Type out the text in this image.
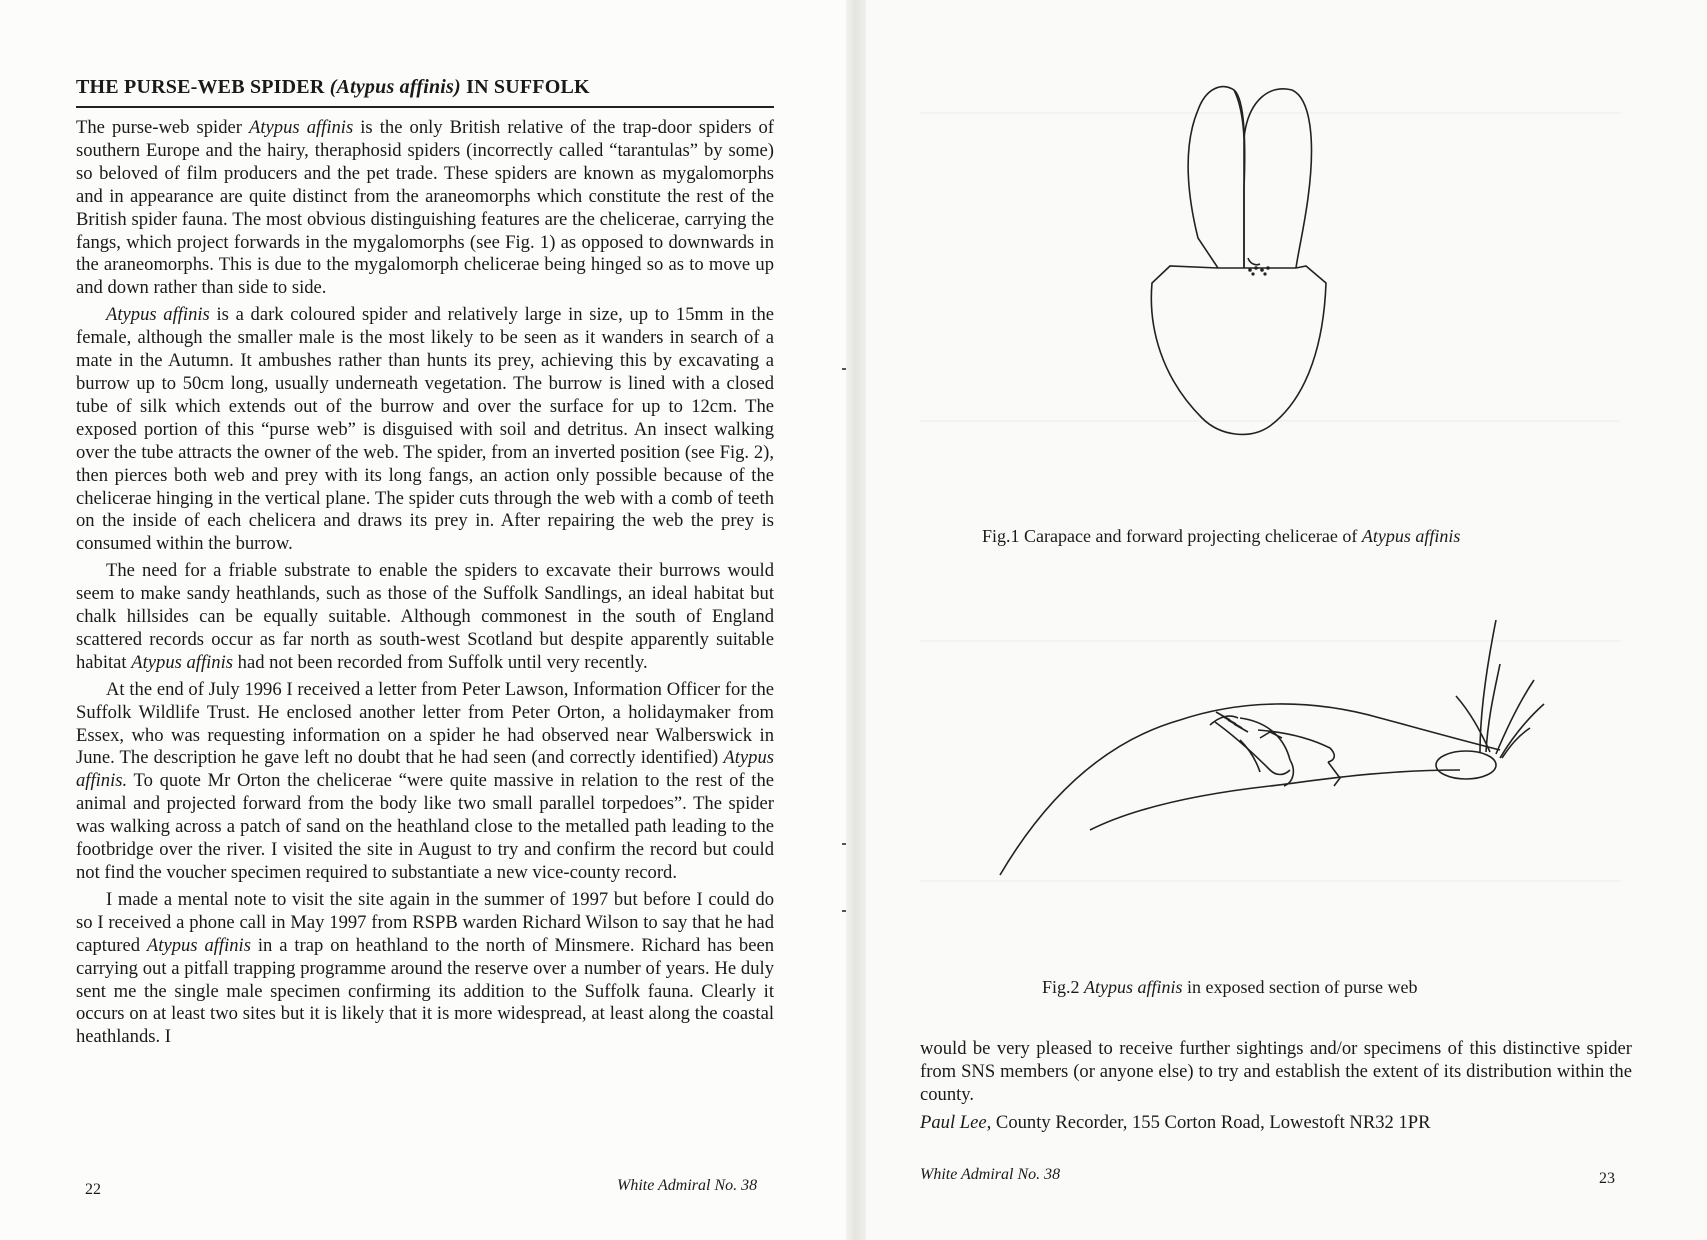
THE PURSE-WEB SPIDER (Atypus affinis) IN SUFFOLK

The purse-web spider Atypus affinis is the only British relative of the trap-door spiders of southern Europe and the hairy, theraphosid spiders (incorrectly called “tarantulas” by some) so beloved of film producers and the pet trade. These spiders are known as mygalomorphs and in appearance are quite distinct from the araneomorphs which constitute the rest of the British spider fauna. The most obvious distinguishing features are the chelicerae, carrying the fangs, which project forwards in the mygalomorphs (see Fig. 1) as opposed to downwards in the araneomorphs. This is due to the mygalomorph chelicerae being hinged so as to move up and down rather than side to side.

Atypus affinis is a dark coloured spider and relatively large in size, up to 15mm in the female, although the smaller male is the most likely to be seen as it wanders in search of a mate in the Autumn. It ambushes rather than hunts its prey, achieving this by excavating a burrow up to 50cm long, usually underneath vegetation. The burrow is lined with a closed tube of silk which extends out of the burrow and over the surface for up to 12cm. The exposed portion of this “purse web” is disguised with soil and detritus. An insect walking over the tube attracts the owner of the web. The spider, from an inverted position (see Fig. 2), then pierces both web and prey with its long fangs, an action only possible because of the chelicerae hinging in the vertical plane. The spider cuts through the web with a comb of teeth on the inside of each chelicera and draws its prey in. After repairing the web the prey is consumed within the burrow.

The need for a friable substrate to enable the spiders to excavate their burrows would seem to make sandy heathlands, such as those of the Suffolk Sandlings, an ideal habitat but chalk hillsides can be equally suitable. Although commonest in the south of England scattered records occur as far north as south-west Scotland but despite apparently suitable habitat Atypus affinis had not been recorded from Suffolk until very recently.

At the end of July 1996 I received a letter from Peter Lawson, Information Officer for the Suffolk Wildlife Trust. He enclosed another letter from Peter Orton, a holidaymaker from Essex, who was requesting information on a spider he had observed near Walberswick in June. The description he gave left no doubt that he had seen (and correctly identified) Atypus affinis. To quote Mr Orton the chelicerae “were quite massive in relation to the rest of the animal and projected forward from the body like two small parallel torpedoes”. The spider was walking across a patch of sand on the heathland close to the metalled path leading to the footbridge over the river. I visited the site in August to try and confirm the record but could not find the voucher specimen required to substantiate a new vice-county record.

I made a mental note to visit the site again in the summer of 1997 but before I could do so I received a phone call in May 1997 from RSPB warden Richard Wilson to say that he had captured Atypus affinis in a trap on heathland to the north of Minsmere. Richard has been carrying out a pitfall trapping programme around the reserve over a number of years. He duly sent me the single male specimen confirming its addition to the Suffolk fauna. Clearly it occurs on at least two sites but it is likely that it is more widespread, at least along the coastal heathlands. I

22	White Admiral No. 38
Fig.1 Carapace and forward projecting chelicerae of Atypus affinis
Fig.2 Atypus affinis in exposed section of purse web

would be very pleased to receive further sightings and/or specimens of this distinctive spider from SNS members (or anyone else) to try and establish the extent of its distribution within the county.

Paul Lee, County Recorder, 155 Corton Road, Lowestoft NR32 1PR

White Admiral No. 38	23
